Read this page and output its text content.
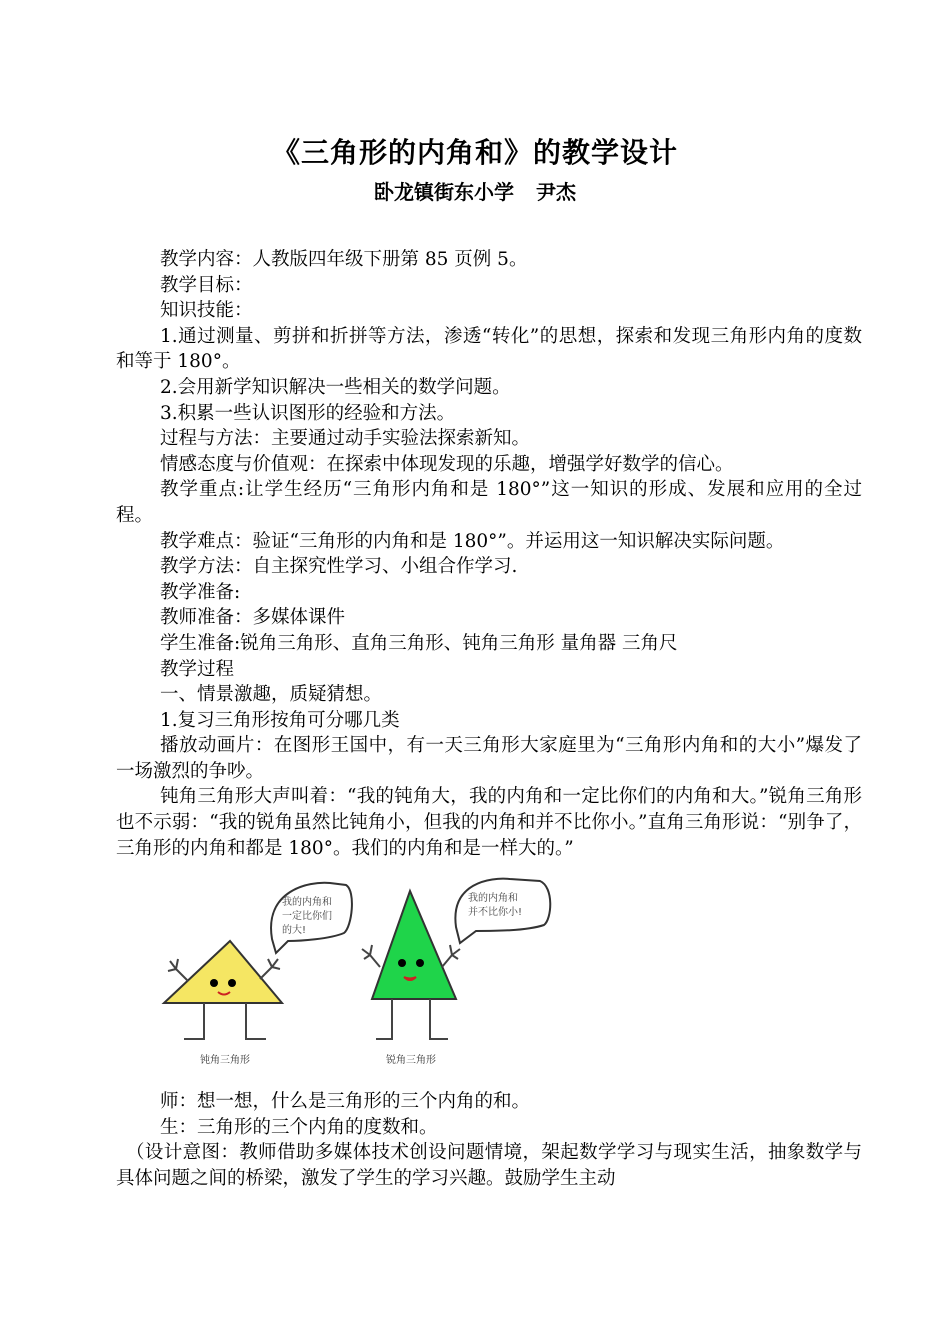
《三角形的内角和》的教学设计
卧龙镇街东小学 尹杰

教学内容：人教版四年级下册第 85 页例 5。

教学目标：

知识技能：

1.通过测量、剪拼和折拼等方法，渗透“转化”的思想，探索和发现三角形内角的度数和等于 180°。

2.会用新学知识解决一些相关的数学问题。

3.积累一些认识图形的经验和方法。

过程与方法：主要通过动手实验法探索新知。

情感态度与价值观：在探索中体现发现的乐趣，增强学好数学的信心。

教学重点:让学生经历“三角形内角和是 180°”这一知识的形成、发展和应用的全过程。

教学难点：验证“三角形的内角和是 180°”。并运用这一知识解决实际问题。

教学方法：自主探究性学习、小组合作学习.

教学准备:

教师准备：多媒体课件

学生准备:锐角三角形、直角三角形、钝角三角形 量角器 三角尺

教学过程

一、情景激趣，质疑猜想。

1.复习三角形按角可分哪几类

播放动画片：在图形王国中，有一天三角形大家庭里为“三角形内角和的大小”爆发了一场激烈的争吵。

钝角三角形大声叫着：“我的钝角大，我的内角和一定比你们的内角和大。”锐角三角形也不示弱：“我的锐角虽然比钝角小，但我的内角和并不比你小。”直角三角形说：“别争了，三角形的内角和都是 180°。我们的内角和是一样大的。”

我的内角和
一定比你们
的大!
钝角三角形
我的内角和
并不比你小!
锐角三角形

师：想一想，什么是三角形的三个内角的和。

生：三角形的三个内角的度数和。

（设计意图：教师借助多媒体技术创设问题情境，架起数学学习与现实生活，抽象数学与具体问题之间的桥梁，激发了学生的学习兴趣。鼓励学生主动
